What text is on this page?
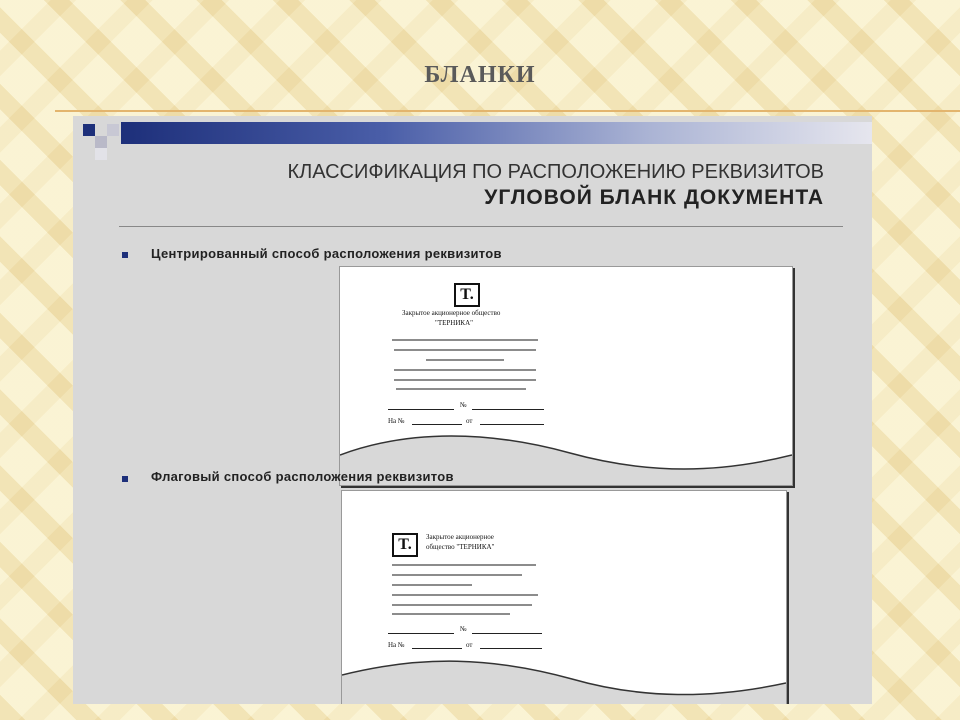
БЛАНКИ
КЛАССИФИКАЦИЯ ПО РАСПОЛОЖЕНИЮ РЕКВИЗИТОВ
УГЛОВОЙ БЛАНК ДОКУМЕНТА
Центрированный способ расположения реквизитов
T.
Закрытое акционерное общество
"ТЕРНИКА"
№
На №	от
Флаговый способ расположения реквизитов
T.	Закрытое акционерное
общество "ТЕРНИКА"
№
На №	от
